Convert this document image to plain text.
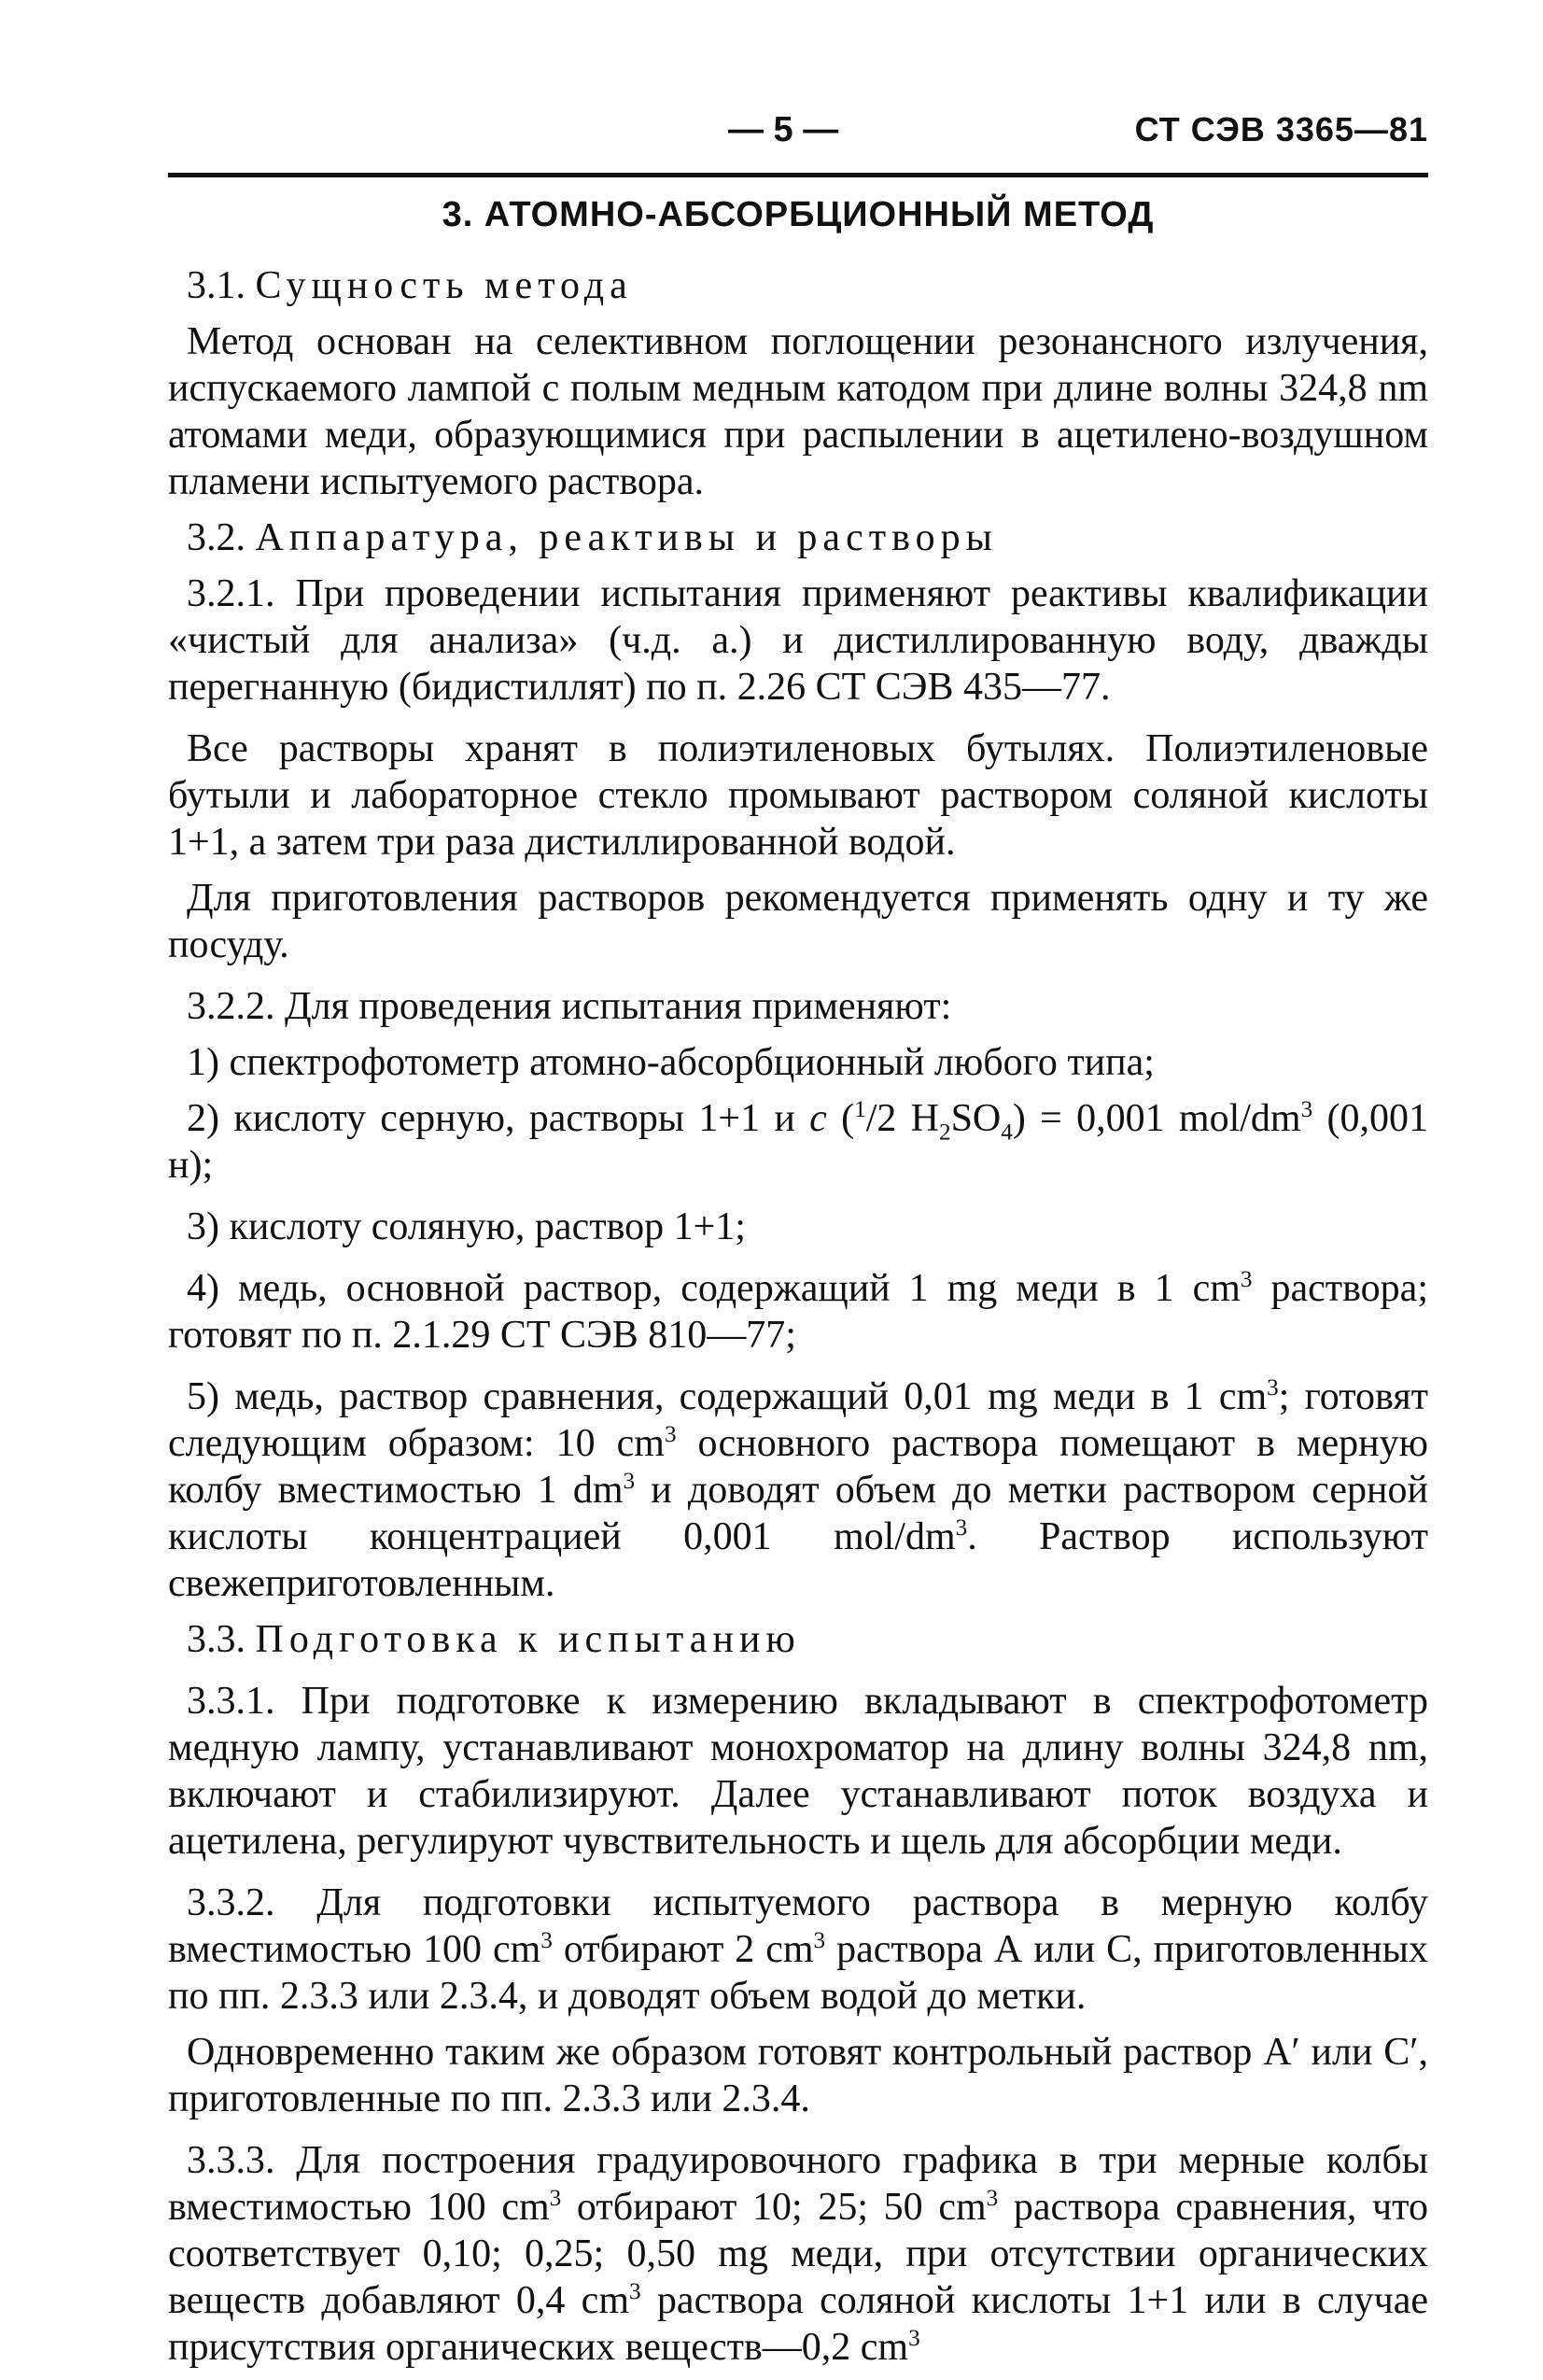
— 5 —	СТ СЭВ 3365—81
3. АТОМНО-АБСОРБЦИОННЫЙ МЕТОД

3.1. Сущность метода

Метод основан на селективном поглощении резонансного излучения, испускаемого лампой с полым медным катодом при длине волны 324,8 nm атомами меди, образующимися при распылении в ацетилено-воздушном пламени испытуемого раствора.

3.2. Аппаратура, реактивы и растворы

3.2.1. При проведении испытания применяют реактивы квалификации «чистый для анализа» (ч.д. а.) и дистиллированную воду, дважды перегнанную (бидистиллят) по п. 2.26 СТ СЭВ 435—77.

Все растворы хранят в полиэтиленовых бутылях. Полиэтиленовые бутыли и лабораторное стекло промывают раствором соляной кислоты 1+1, а затем три раза дистиллированной водой.

Для приготовления растворов рекомендуется применять одну и ту же посуду.

3.2.2. Для проведения испытания применяют:

1) спектрофотометр атомно-абсорбционный любого типа;

2) кислоту серную, растворы 1+1 и c ($^1$/2 $H_2SO_4) = 0,001$ mol/$dm^3$ (0,001 н);

3) кислоту соляную, раствор 1+1;

4) медь, основной раствор, содержащий 1 mg меди в 1 $cm^3$ раствора; готовят по п. 2.1.29 СТ СЭВ 810—77;

5) медь, раствор сравнения, содержащий 0,01 mg меди в 1 $cm^3$; готовят следующим образом: 10 $cm^3$ основного раствора помещают в мерную колбу вместимостью 1 $dm^3$ и доводят объем до метки раствором серной кислоты концентрацией 0,001 mol/$dm^3$. Раствор используют свежеприготовленным.

3.3. Подготовка к испытанию

3.3.1. При подготовке к измерению вкладывают в спектрофотометр медную лампу, устанавливают монохроматор на длину волны 324,8 nm, включают и стабилизируют. Далее устанавливают поток воздуха и ацетилена, регулируют чувствительность и щель для абсорбции меди.

3.3.2. Для подготовки испытуемого раствора в мерную колбу вместимостью 100 $cm^3$ отбирают 2 $cm^3$ раствора А или С, приготовленных по пп. 2.3.3 или 2.3.4, и доводят объем водой до метки.

Одновременно таким же образом готовят контрольный раствор А′ или С′, приготовленные по пп. 2.3.3 или 2.3.4.

3.3.3. Для построения градуировочного графика в три мерные колбы вместимостью 100 $cm^3$ отбирают 10; 25; 50 $cm^3$ раствора сравнения, что соответствует 0,10; 0,25; 0,50 mg меди, при отсутствии органических веществ добавляют 0,4 $cm^3$ раствора соляной кислоты 1+1 или в случае присутствия органических веществ—0,2 $cm^3$
